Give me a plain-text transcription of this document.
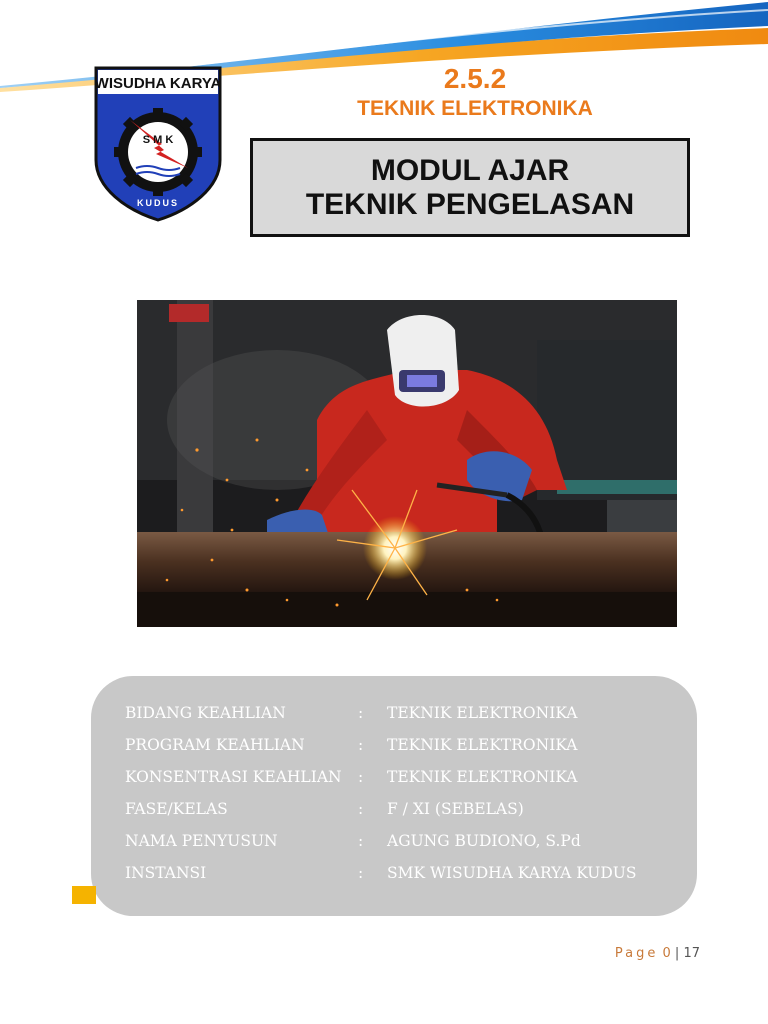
WISUDHA KARYA
S M K
KUDUS
2.5.2
TEKNIK ELEKTRONIKA
MODUL AJAR
TEKNIK PENGELASAN
BIDANG KEAHLIAN	: TEKNIK ELEKTRONIKA
PROGRAM KEAHLIAN	: TEKNIK ELEKTRONIKA
KONSENTRASI KEAHLIAN : TEKNIK ELEKTRONIKA
FASE/KELAS	: F / XI (SEBELAS)
NAMA PENYUSUN	: AGUNG BUDIONO, S.Pd
INSTANSI	: SMK WISUDHA KARYA KUDUS
Page 0 | 17
